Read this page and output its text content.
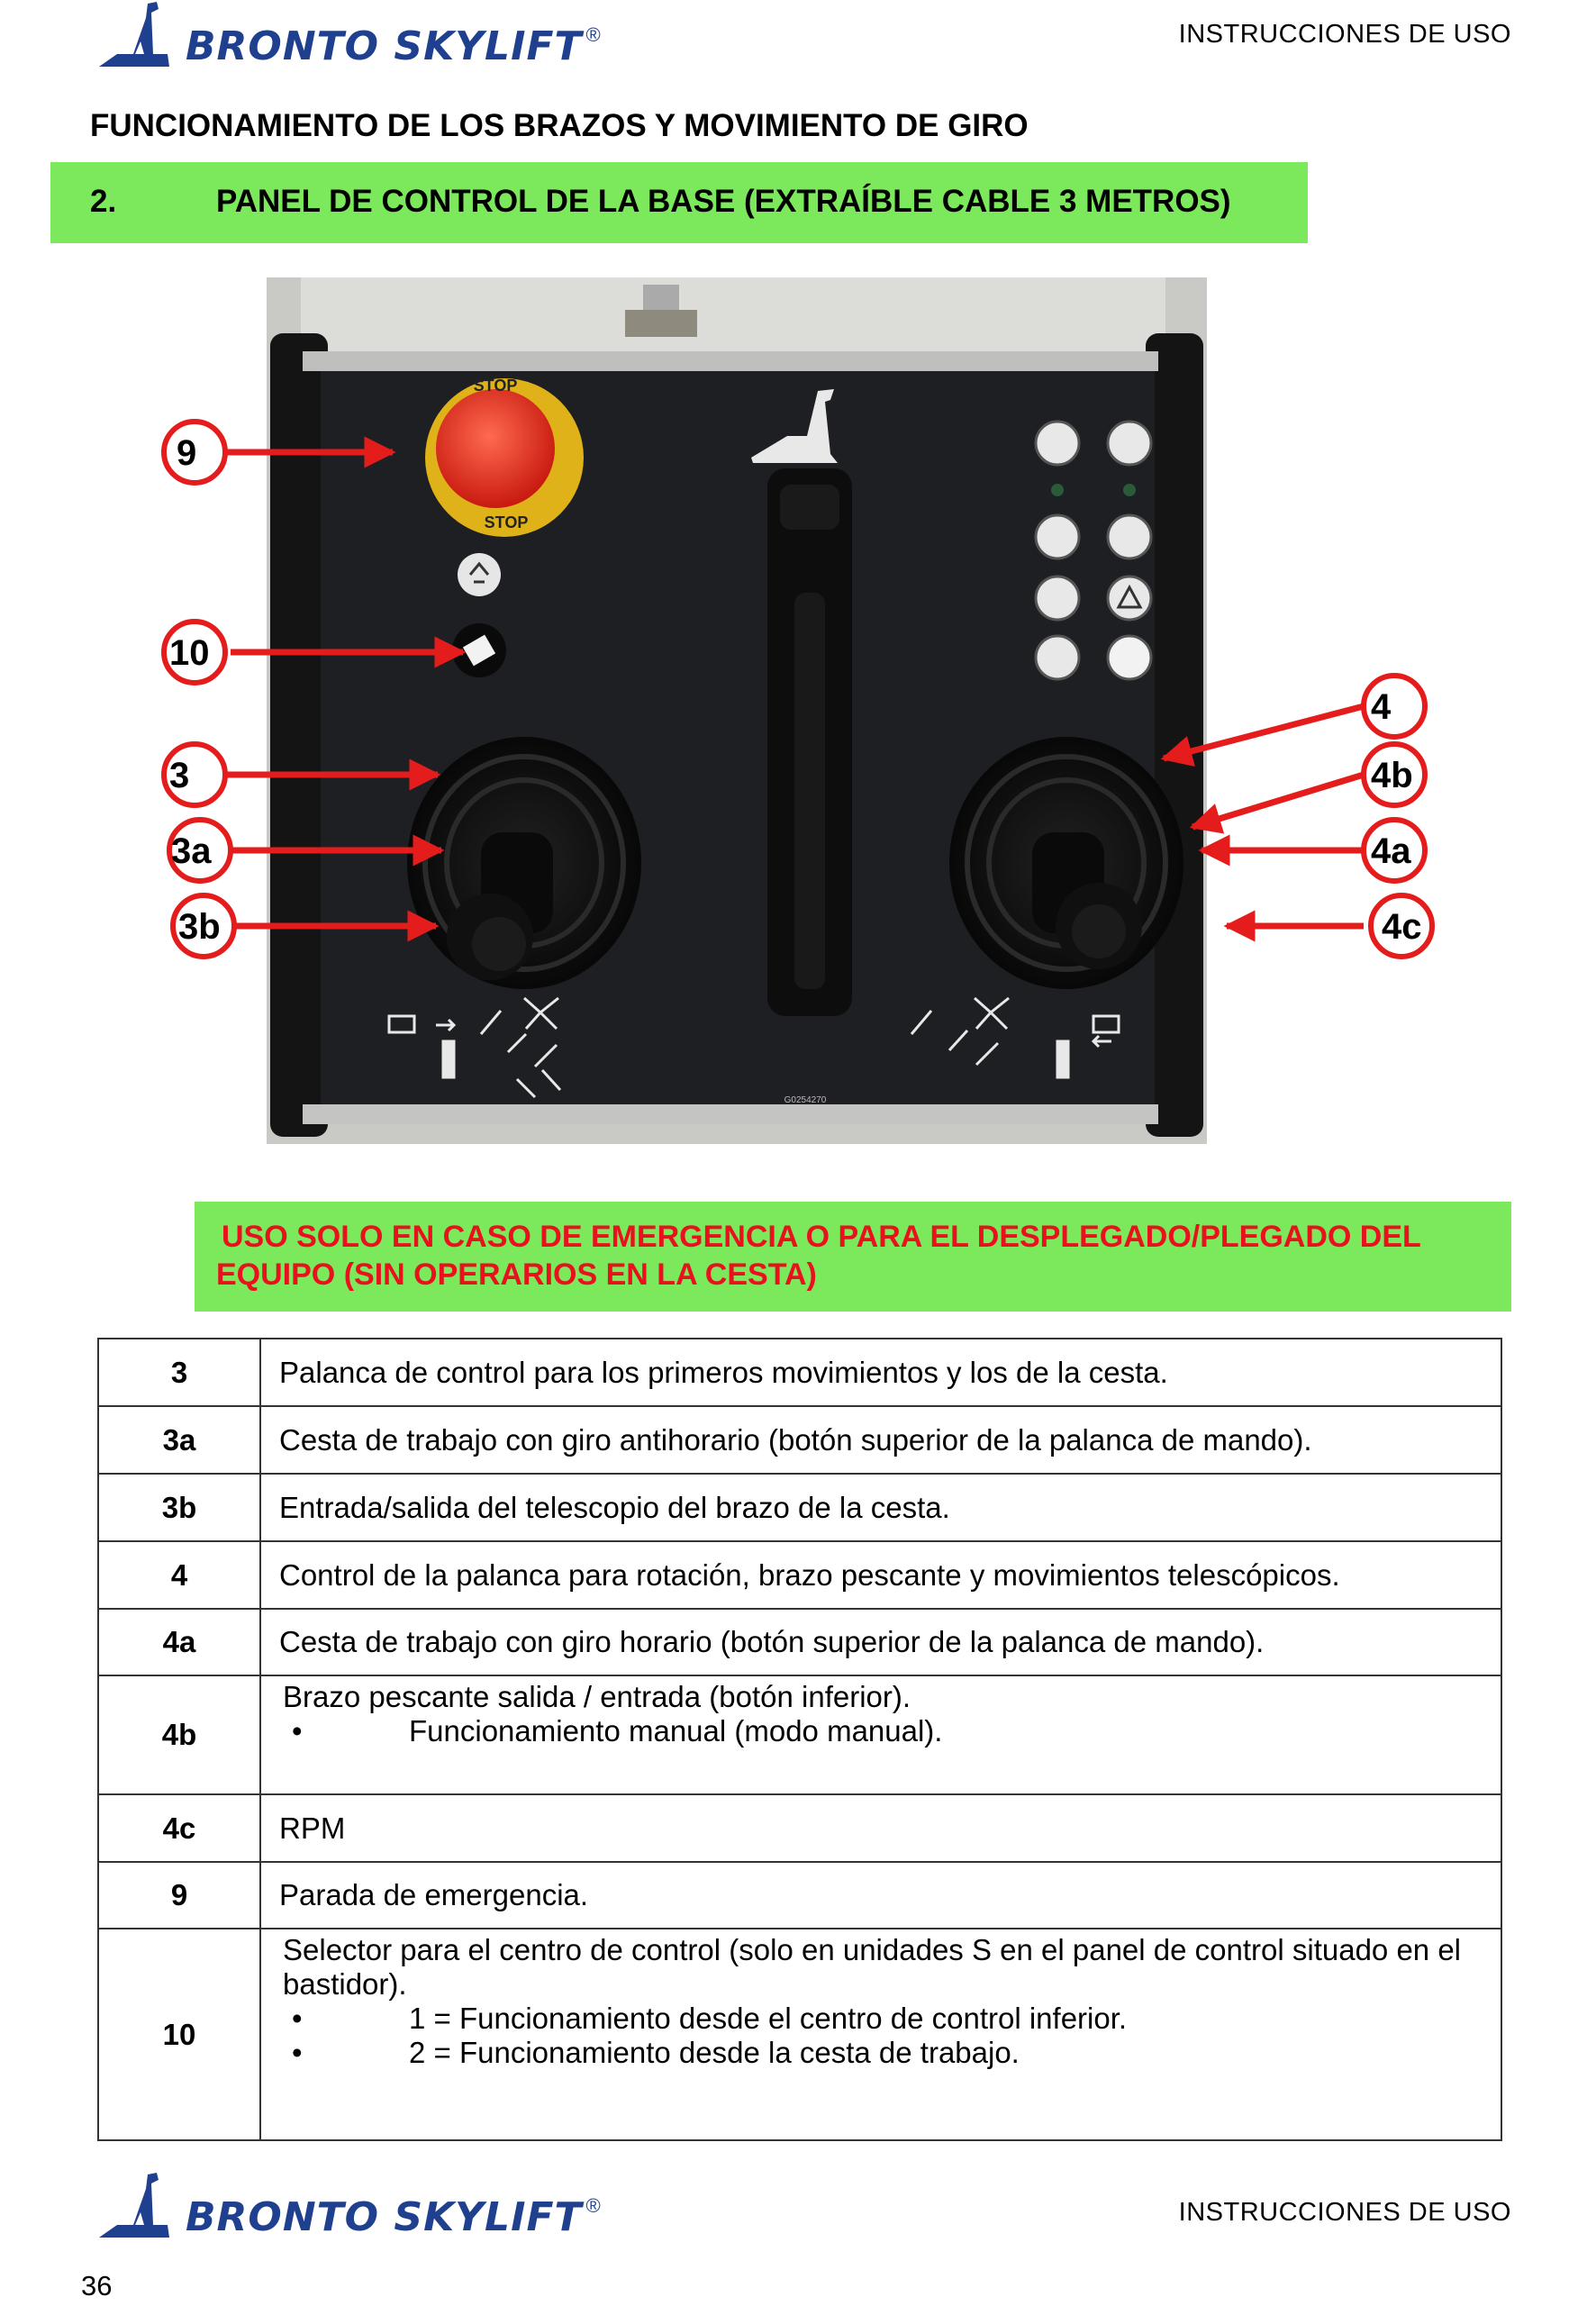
BRONTO SKYLIFT ®	INSTRUCCIONES DE USO
FUNCIONAMIENTO DE LOS BRAZOS Y MOVIMIENTO DE GIRO
2.	PANEL DE CONTROL DE LA BASE (EXTRAÍBLE CABLE 3 METROS)
STOP
STOP
G0254270
9
10
3
3a
3b
4
4b
4a
4c
USO SOLO EN CASO DE EMERGENCIA O PARA EL DESPLEGADO/PLEGADO DEL
EQUIPO (SIN OPERARIOS EN LA CESTA)
3	Palanca de control para los primeros movimientos y los de la cesta.
3a	Cesta de trabajo con giro antihorario (botón superior de la palanca de mando).
3b	Entrada/salida del telescopio del brazo de la cesta.
4	Control de la palanca para rotación, brazo pescante y movimientos telescópicos.
4a	Cesta de trabajo con giro horario (botón superior de la palanca de mando).
4b	Brazo pescante salida / entrada (botón inferior).
• Funcionamiento manual (modo manual).

4c	RPM
9	Parada de emergencia.
10	Selector para el centro de control (solo en unidades S en el panel de control situado en el bastidor).
• 1 = Funcionamiento desde el centro de control inferior.
• 2 = Funcionamiento desde la cesta de trabajo.
BRONTO SKYLIFT ®	INSTRUCCIONES DE USO
36
